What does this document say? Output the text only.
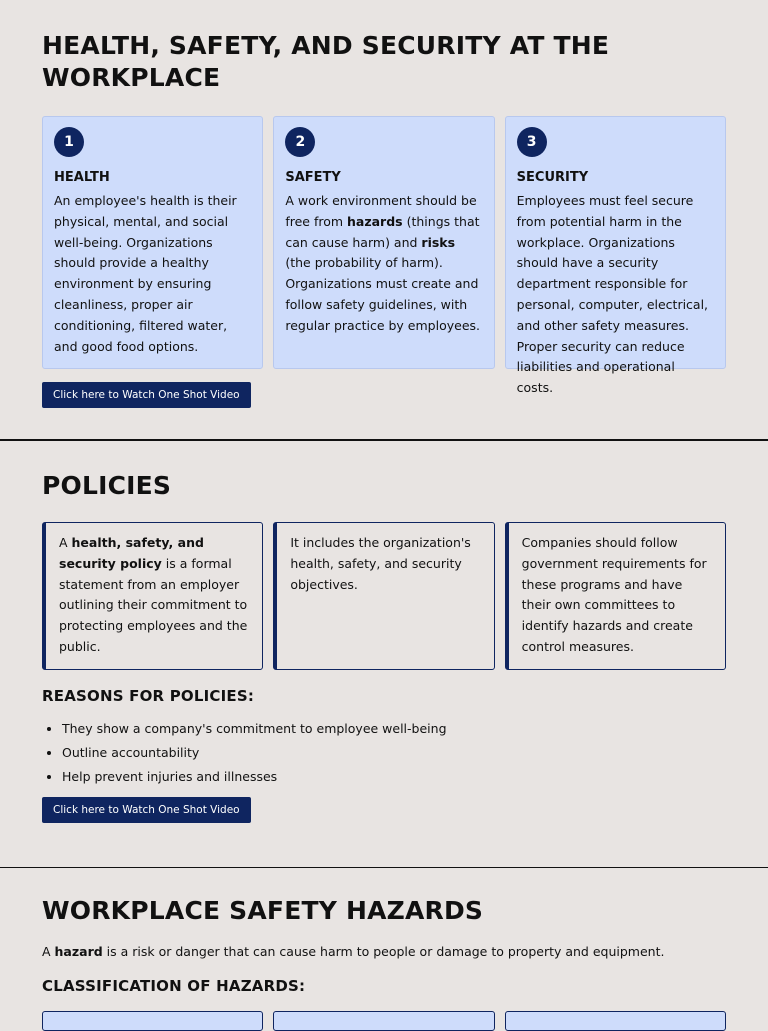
HEALTH, SAFETY, AND SECURITY AT THE WORKPLACE
1
HEALTH

An employee's health is their physical, mental, and social well-being. Organizations should provide a healthy environment by ensuring cleanliness, proper air conditioning, filtered water, and good food options.

2
SAFETY

A work environment should be free from hazards (things that can cause harm) and risks (the probability of harm). Organizations must create and follow safety guidelines, with regular practice by employees.

3
SECURITY

Employees must feel secure from potential harm in the workplace. Organizations should have a security department responsible for personal, computer, electrical, and other safety measures. Proper security can reduce liabilities and operational costs.

Click here to Watch One Shot Video
POLICIES

A health, safety, and security policy is a formal statement from an employer outlining their commitment to protecting employees and the public.

It includes the organization's health, safety, and security objectives.

Companies should follow government requirements for these programs and have their own committees to identify hazards and create control measures.

REASONS FOR POLICIES:
• They show a company's commitment to employee well-being
• Outline accountability
• Help prevent injuries and illnesses
Click here to Watch One Shot Video
WORKPLACE SAFETY HAZARDS

A hazard is a risk or danger that can cause harm to people or damage to property and equipment.

CLASSIFICATION OF HAZARDS:
